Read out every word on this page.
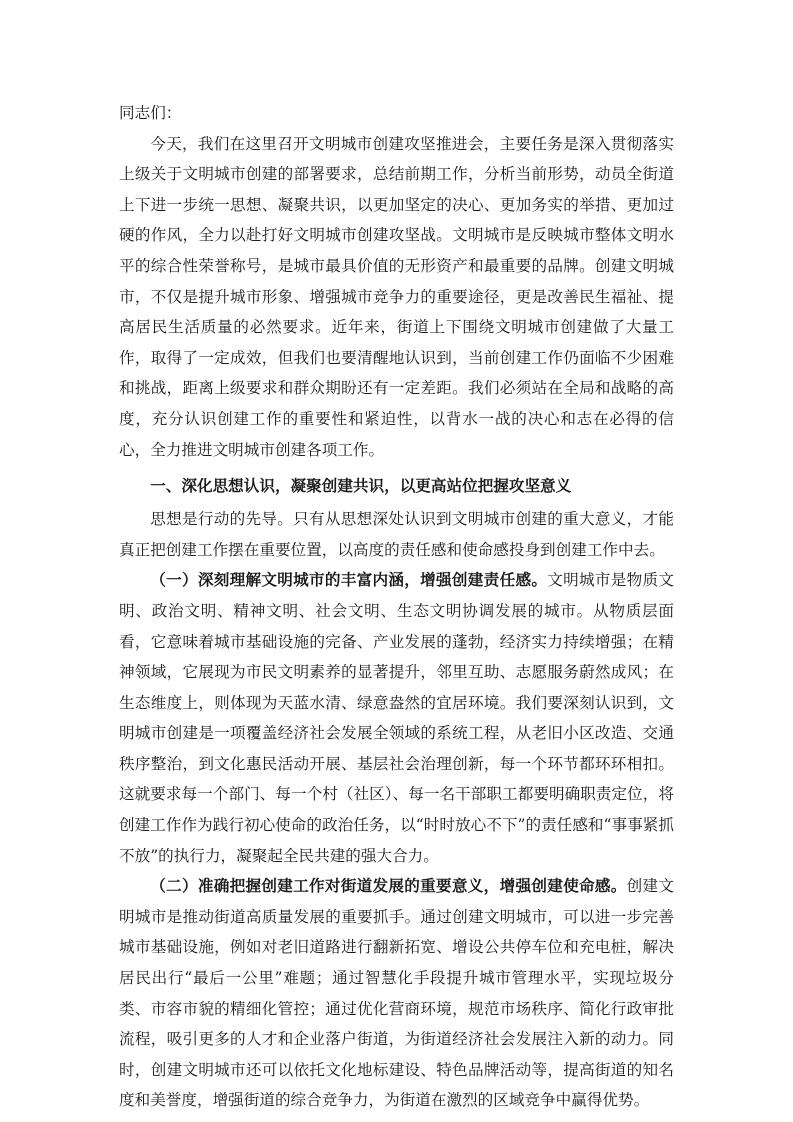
同志们：

今天，我们在这里召开文明城市创建攻坚推进会，主要任务是深入贯彻落实上级关于文明城市创建的部署要求，总结前期工作，分析当前形势，动员全街道上下进一步统一思想、凝聚共识，以更加坚定的决心、更加务实的举措、更加过硬的作风，全力以赴打好文明城市创建攻坚战。文明城市是反映城市整体文明水平的综合性荣誉称号，是城市最具价值的无形资产和最重要的品牌。创建文明城市，不仅是提升城市形象、增强城市竞争力的重要途径，更是改善民生福祉、提高居民生活质量的必然要求。近年来，街道上下围绕文明城市创建做了大量工作，取得了一定成效，但我们也要清醒地认识到，当前创建工作仍面临不少困难和挑战，距离上级要求和群众期盼还有一定差距。我们必须站在全局和战略的高度，充分认识创建工作的重要性和紧迫性，以背水一战的决心和志在必得的信心，全力推进文明城市创建各项工作。

一、深化思想认识，凝聚创建共识，以更高站位把握攻坚意义

思想是行动的先导。只有从思想深处认识到文明城市创建的重大意义，才能真正把创建工作摆在重要位置，以高度的责任感和使命感投身到创建工作中去。

（一）深刻理解文明城市的丰富内涵，增强创建责任感。文明城市是物质文明、政治文明、精神文明、社会文明、生态文明协调发展的城市。从物质层面看，它意味着城市基础设施的完备、产业发展的蓬勃，经济实力持续增强；在精神领域，它展现为市民文明素养的显著提升，邻里互助、志愿服务蔚然成风；在生态维度上，则体现为天蓝水清、绿意盎然的宜居环境。我们要深刻认识到，文明城市创建是一项覆盖经济社会发展全领域的系统工程，从老旧小区改造、交通秩序整治，到文化惠民活动开展、基层社会治理创新，每一个环节都环环相扣。这就要求每一个部门、每一个村（社区）、每一名干部职工都要明确职责定位，将创建工作作为践行初心使命的政治任务，以“时时放心不下”的责任感和“事事紧抓不放”的执行力，凝聚起全民共建的强大合力。

（二）准确把握创建工作对街道发展的重要意义，增强创建使命感。创建文明城市是推动街道高质量发展的重要抓手。通过创建文明城市，可以进一步完善城市基础设施，例如对老旧道路进行翻新拓宽、增设公共停车位和充电桩，解决居民出行“最后一公里”难题；通过智慧化手段提升城市管理水平，实现垃圾分类、市容市貌的精细化管控；通过优化营商环境，规范市场秩序、简化行政审批流程，吸引更多的人才和企业落户街道，为街道经济社会发展注入新的动力。同时，创建文明城市还可以依托文化地标建设、特色品牌活动等，提高街道的知名度和美誉度，增强街道的综合竞争力，为街道在激烈的区域竞争中赢得优势。
